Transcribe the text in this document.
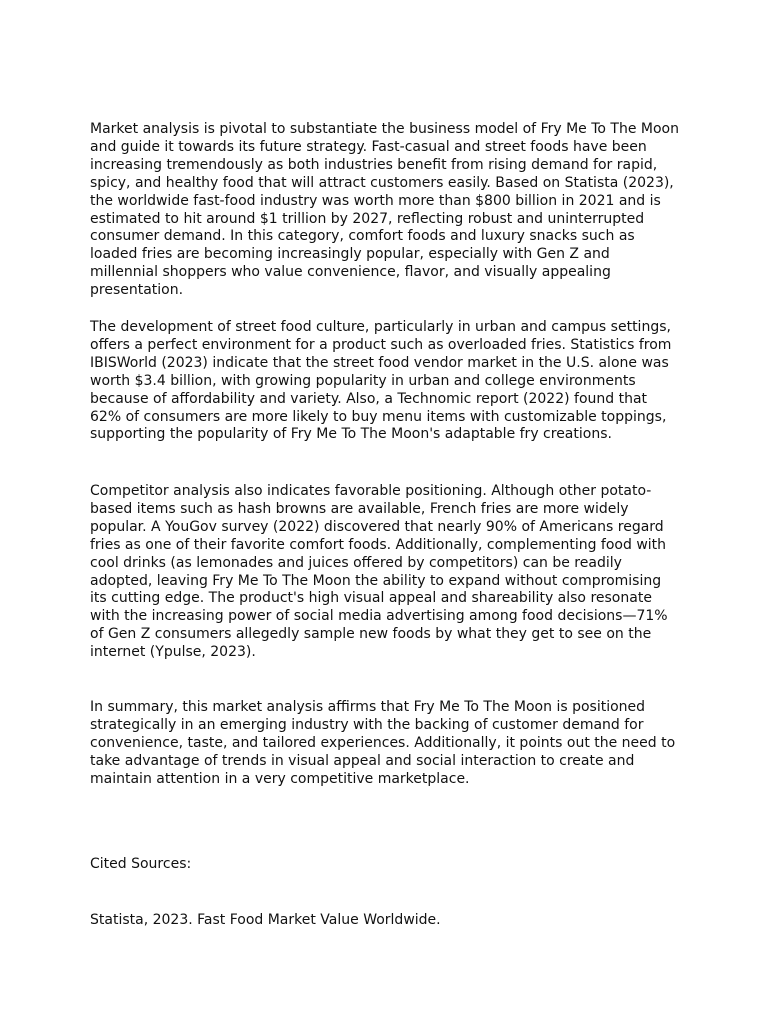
Market analysis is pivotal to substantiate the business model of Fry Me To The Moon and guide it towards its future strategy. Fast-casual and street foods have been increasing tremendously as both industries benefit from rising demand for rapid, spicy, and healthy food that will attract customers easily. Based on Statista (2023), the worldwide fast-food industry was worth more than $800 billion in 2021 and is estimated to hit around $1 trillion by 2027, reflecting robust and uninterrupted consumer demand. In this category, comfort foods and luxury snacks such as loaded fries are becoming increasingly popular, especially with Gen Z and millennial shoppers who value convenience, flavor, and visually appealing presentation.

The development of street food culture, particularly in urban and campus settings, offers a perfect environment for a product such as overloaded fries. Statistics from IBISWorld (2023) indicate that the street food vendor market in the U.S. alone was worth $3.4 billion, with growing popularity in urban and college environments because of affordability and variety. Also, a Technomic report (2022) found that 62% of consumers are more likely to buy menu items with customizable toppings, supporting the popularity of Fry Me To The Moon's adaptable fry creations.

Competitor analysis also indicates favorable positioning. Although other potato-based items such as hash browns are available, French fries are more widely popular. A YouGov survey (2022) discovered that nearly 90% of Americans regard fries as one of their favorite comfort foods. Additionally, complementing food with cool drinks (as lemonades and juices offered by competitors) can be readily adopted, leaving Fry Me To The Moon the ability to expand without compromising its cutting edge. The product's high visual appeal and shareability also resonate with the increasing power of social media advertising among food decisions—71% of Gen Z consumers allegedly sample new foods by what they get to see on the internet (Ypulse, 2023).

In summary, this market analysis affirms that Fry Me To The Moon is positioned strategically in an emerging industry with the backing of customer demand for convenience, taste, and tailored experiences. Additionally, it points out the need to take advantage of trends in visual appeal and social interaction to create and maintain attention in a very competitive marketplace.

Cited Sources:

Statista, 2023. Fast Food Market Value Worldwide.
